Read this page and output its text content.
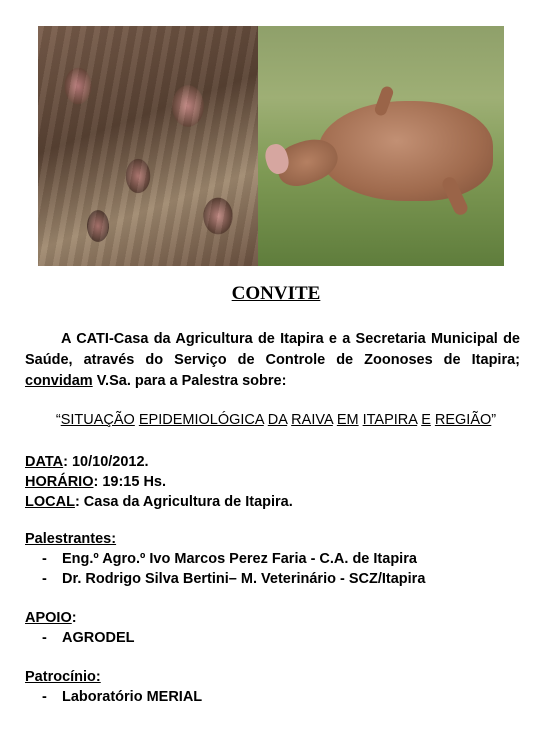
CONVITE
A CATI-Casa da Agricultura de Itapira e a Secretaria Municipal de Saúde, através do Serviço de Controle de Zoonoses de Itapira; convidam V.Sa. para a Palestra sobre:
“SITUAÇÃO EPIDEMIOLÓGICA DA RAIVA EM ITAPIRA E REGIÃO”
DATA: 10/10/2012.
HORÁRIO: 19:15 Hs.
LOCAL: Casa da Agricultura de Itapira.
Palestrantes:
- Eng.º Agro.º Ivo Marcos Perez Faria - C.A. de Itapira
- Dr. Rodrigo Silva Bertini– M. Veterinário - SCZ/Itapira
APOIO:
- AGRODEL
Patrocínio:
- Laboratório MERIAL
